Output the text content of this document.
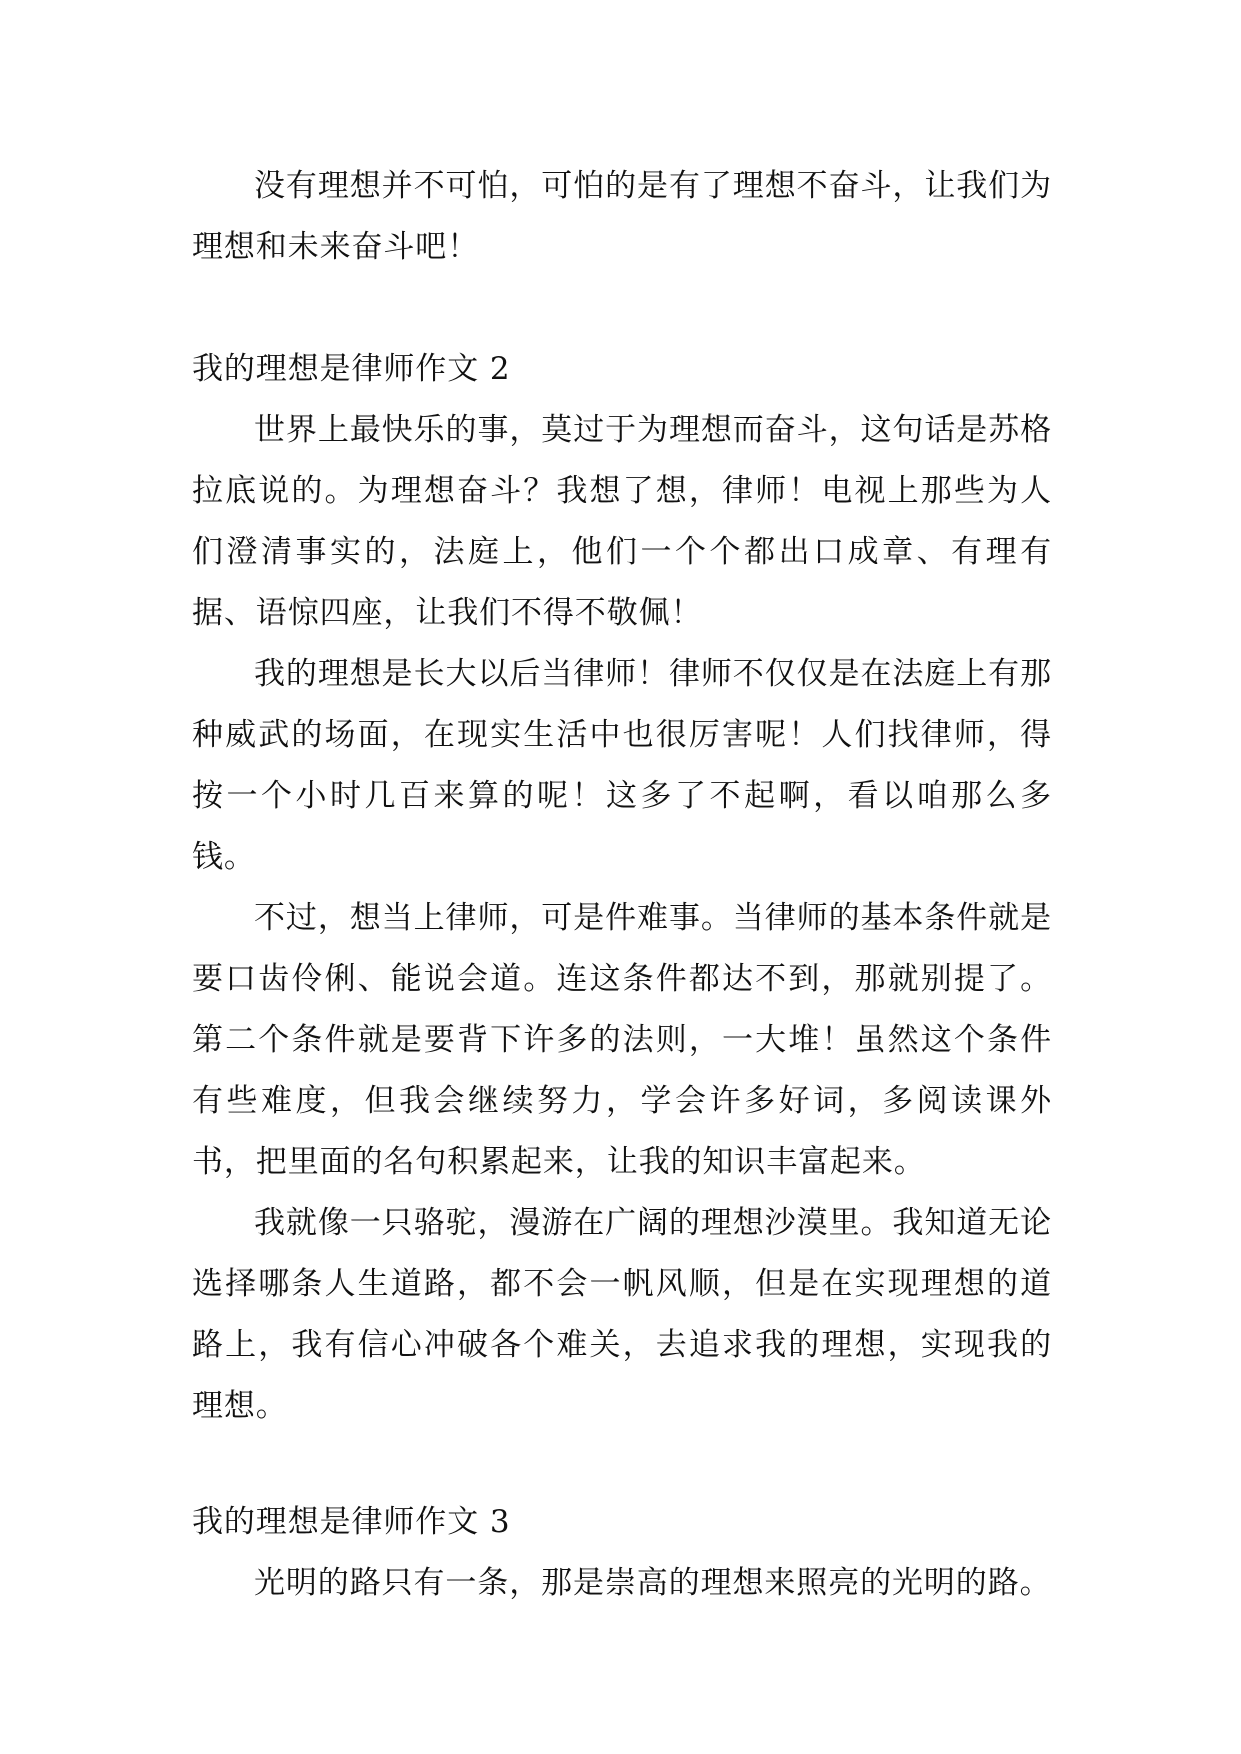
没有理想并不可怕，可怕的是有了理想不奋斗，让我们为理想和未来奋斗吧！

我的理想是律师作文 2

世界上最快乐的事，莫过于为理想而奋斗，这句话是苏格拉底说的。为理想奋斗？我想了想，律师！电视上那些为人们澄清事实的，法庭上，他们一个个都出口成章、有理有据、语惊四座，让我们不得不敬佩！

我的理想是长大以后当律师！律师不仅仅是在法庭上有那种威武的场面，在现实生活中也很厉害呢！人们找律师，得按一个小时几百来算的呢！这多了不起啊，看以咱那么多钱。

不过，想当上律师，可是件难事。当律师的基本条件就是要口齿伶俐、能说会道。连这条件都达不到，那就别提了。第二个条件就是要背下许多的法则，一大堆！虽然这个条件有些难度，但我会继续努力，学会许多好词，多阅读课外书，把里面的名句积累起来，让我的知识丰富起来。

我就像一只骆驼，漫游在广阔的理想沙漠里。我知道无论选择哪条人生道路，都不会一帆风顺，但是在实现理想的道路上，我有信心冲破各个难关，去追求我的理想，实现我的理想。

我的理想是律师作文 3

光明的路只有一条，那是崇高的理想来照亮的光明的路。
